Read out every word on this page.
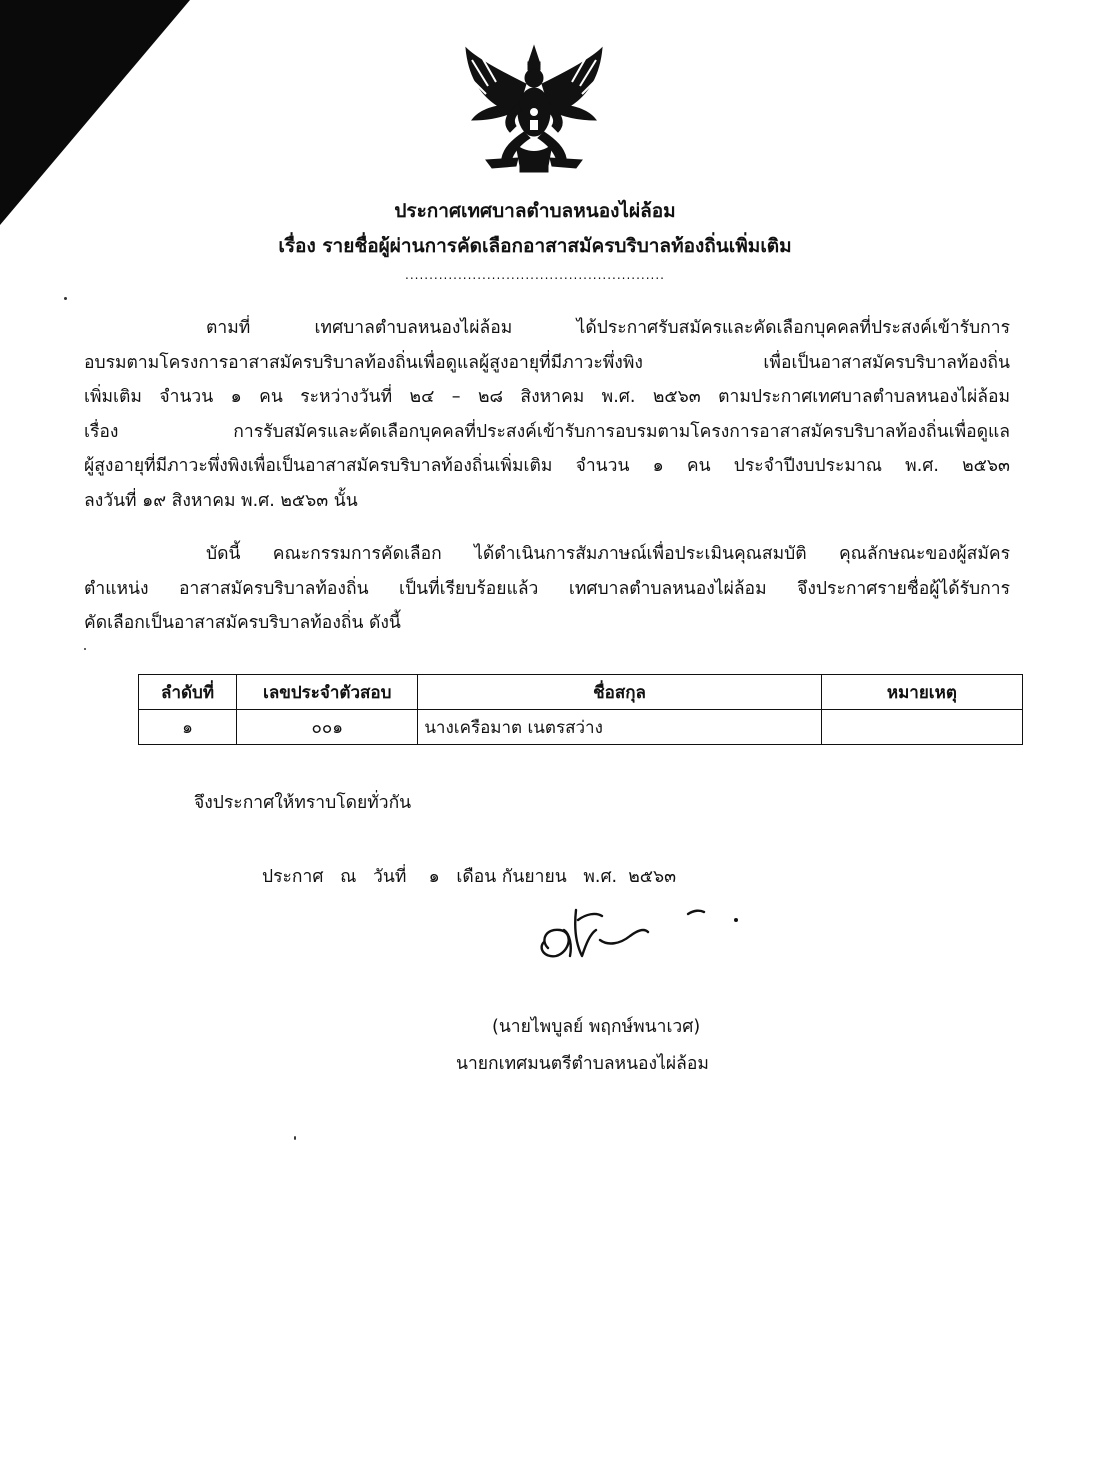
ประกาศเทศบาลตำบลหนองไผ่ล้อม
เรื่อง รายชื่อผู้ผ่านการคัดเลือกอาสาสมัครบริบาลท้องถิ่นเพิ่มเติม
......................................................
ตามที่ เทศบาลตำบลหนองไผ่ล้อม ได้ประกาศรับสมัครและคัดเลือกบุคคลที่ประสงค์เข้ารับการ
อบรมตามโครงการอาสาสมัครบริบาลท้องถิ่นเพื่อดูแลผู้สูงอายุที่มีภาวะพึ่งพิง เพื่อเป็นอาสาสมัครบริบาลท้องถิ่น
เพิ่มเติม จำนวน ๑ คน ระหว่างวันที่ ๒๔ – ๒๘ สิงหาคม พ.ศ. ๒๕๖๓ ตามประกาศเทศบาลตำบลหนองไผ่ล้อม
เรื่อง การรับสมัครและคัดเลือกบุคคลที่ประสงค์เข้ารับการอบรมตามโครงการอาสาสมัครบริบาลท้องถิ่นเพื่อดูแล
ผู้สูงอายุที่มีภาวะพึ่งพิงเพื่อเป็นอาสาสมัครบริบาลท้องถิ่นเพิ่มเติม จำนวน ๑ คน ประจำปีงบประมาณ พ.ศ. ๒๕๖๓
ลงวันที่ ๑๙ สิงหาคม พ.ศ. ๒๕๖๓ นั้น
บัดนี้ คณะกรรมการคัดเลือก ได้ดำเนินการสัมภาษณ์เพื่อประเมินคุณสมบัติ คุณลักษณะของผู้สมัคร
ตำแหน่ง อาสาสมัครบริบาลท้องถิ่น เป็นที่เรียบร้อยแล้ว เทศบาลตำบลหนองไผ่ล้อม จึงประกาศรายชื่อผู้ได้รับการ
คัดเลือกเป็นอาสาสมัครบริบาลท้องถิ่น ดังนี้
ลำดับที่	เลขประจำตัวสอบ	ชื่อสกุล	หมายเหตุ
๑	๐๐๑	นางเครือมาต เนตรสว่าง	
จึงประกาศให้ทราบโดยทั่วกัน
ประกาศ   ณ   วันที่    ๑   เดือน กันยายน   พ.ศ.  ๒๕๖๓
(นายไพบูลย์ พฤกษ์พนาเวศ)
นายกเทศมนตรีตำบลหนองไผ่ล้อม
